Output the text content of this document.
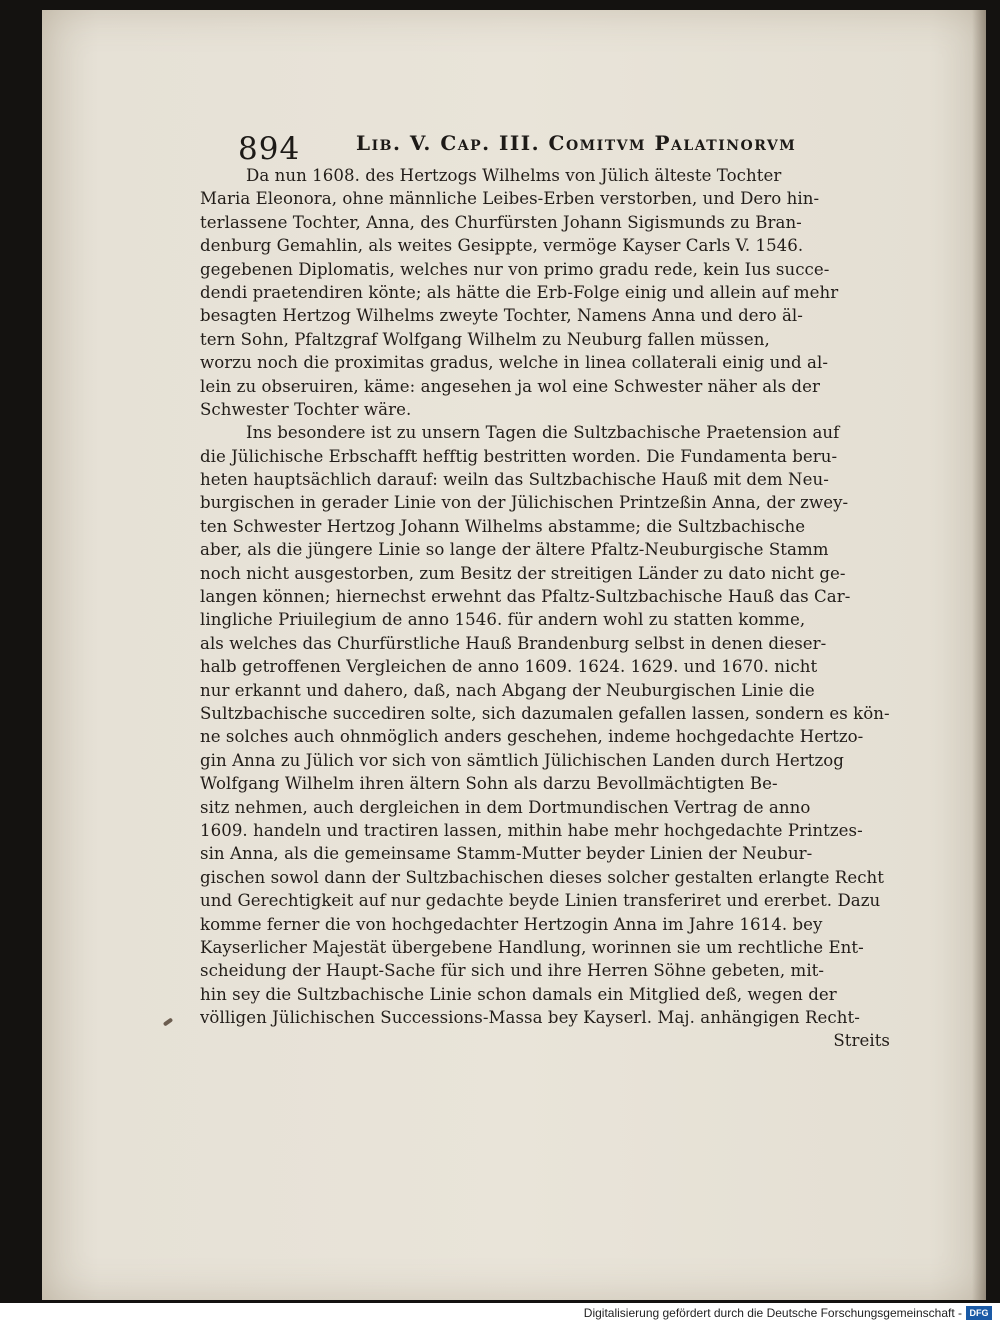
894	Lib. V. Cap. III. Comitvm Palatinorvm
Da nun 1608. des Hertzogs Wilhelms von Jülich älteste Tochter
Maria Eleonora, ohne männliche Leibes-Erben verstorben, und Dero hin-
terlassene Tochter, Anna, des Churfürsten Johann Sigismunds zu Bran-
denburg Gemahlin, als weites Gesippte, vermöge Kayser Carls V. 1546.
gegebenen Diplomatis, welches nur von primo gradu rede, kein Ius succe-
dendi praetendiren könte; als hätte die Erb-Folge einig und allein auf mehr
besagten Hertzog Wilhelms zweyte Tochter, Namens Anna und dero äl-
tern Sohn, Pfaltzgraf Wolfgang Wilhelm zu Neuburg fallen müssen,
worzu noch die proximitas gradus, welche in linea collaterali einig und al-
lein zu obseruiren, käme: angesehen ja wol eine Schwester näher als der
Schwester Tochter wäre.
Ins besondere ist zu unsern Tagen die Sultzbachische Praetension auf
die Jülichische Erbschafft hefftig bestritten worden. Die Fundamenta beru-
heten hauptsächlich darauf: weiln das Sultzbachische Hauß mit dem Neu-
burgischen in gerader Linie von der Jülichischen Printzeßin Anna, der zwey-
ten Schwester Hertzog Johann Wilhelms abstamme; die Sultzbachische
aber, als die jüngere Linie so lange der ältere Pfaltz-Neuburgische Stamm
noch nicht ausgestorben, zum Besitz der streitigen Länder zu dato nicht ge-
langen können; hiernechst erwehnt das Pfaltz-Sultzbachische Hauß das Car-
lingliche Priuilegium de anno 1546. für andern wohl zu statten komme,
als welches das Churfürstliche Hauß Brandenburg selbst in denen dieser-
halb getroffenen Vergleichen de anno 1609. 1624. 1629. und 1670. nicht
nur erkannt und dahero, daß, nach Abgang der Neuburgischen Linie die
Sultzbachische succediren solte, sich dazumalen gefallen lassen, sondern es kön-
ne solches auch ohnmöglich anders geschehen, indeme hochgedachte Hertzo-
gin Anna zu Jülich vor sich von sämtlich Jülichischen Landen durch Hertzog
Wolfgang Wilhelm ihren ältern Sohn als darzu Bevollmächtigten Be-
sitz nehmen, auch dergleichen in dem Dortmundischen Vertrag de anno
1609. handeln und tractiren lassen, mithin habe mehr hochgedachte Printzes-
sin Anna, als die gemeinsame Stamm-Mutter beyder Linien der Neubur-
gischen sowol dann der Sultzbachischen dieses solcher gestalten erlangte Recht
und Gerechtigkeit auf nur gedachte beyde Linien transferiret und ererbet. Dazu
komme ferner die von hochgedachter Hertzogin Anna im Jahre 1614. bey
Kayserlicher Majestät übergebene Handlung, worinnen sie um rechtliche Ent-
scheidung der Haupt-Sache für sich und ihre Herren Söhne gebeten, mit-
hin sey die Sultzbachische Linie schon damals ein Mitglied deß, wegen der
völligen Jülichischen Successions-Massa bey Kayserl. Maj. anhängigen Recht-
Streits
Digitalisierung gefördert durch die Deutsche Forschungsgemeinschaft - DFG
